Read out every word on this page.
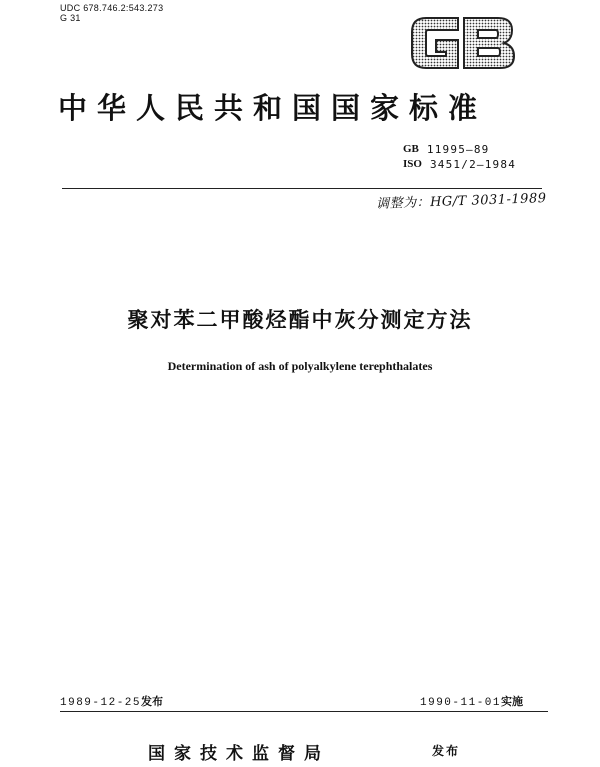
UDC 678.746.2:543.273
G 31
中华人民共和国国家标准
GB 11995—89
ISO 3451/2—1984
调整为：HG/T 3031-1989
聚对苯二甲酸烃酯中灰分测定方法
Determination of ash of polyalkylene terephthalates
1989-12-25发布	1990-11-01实施
国家技术监督局	发布
